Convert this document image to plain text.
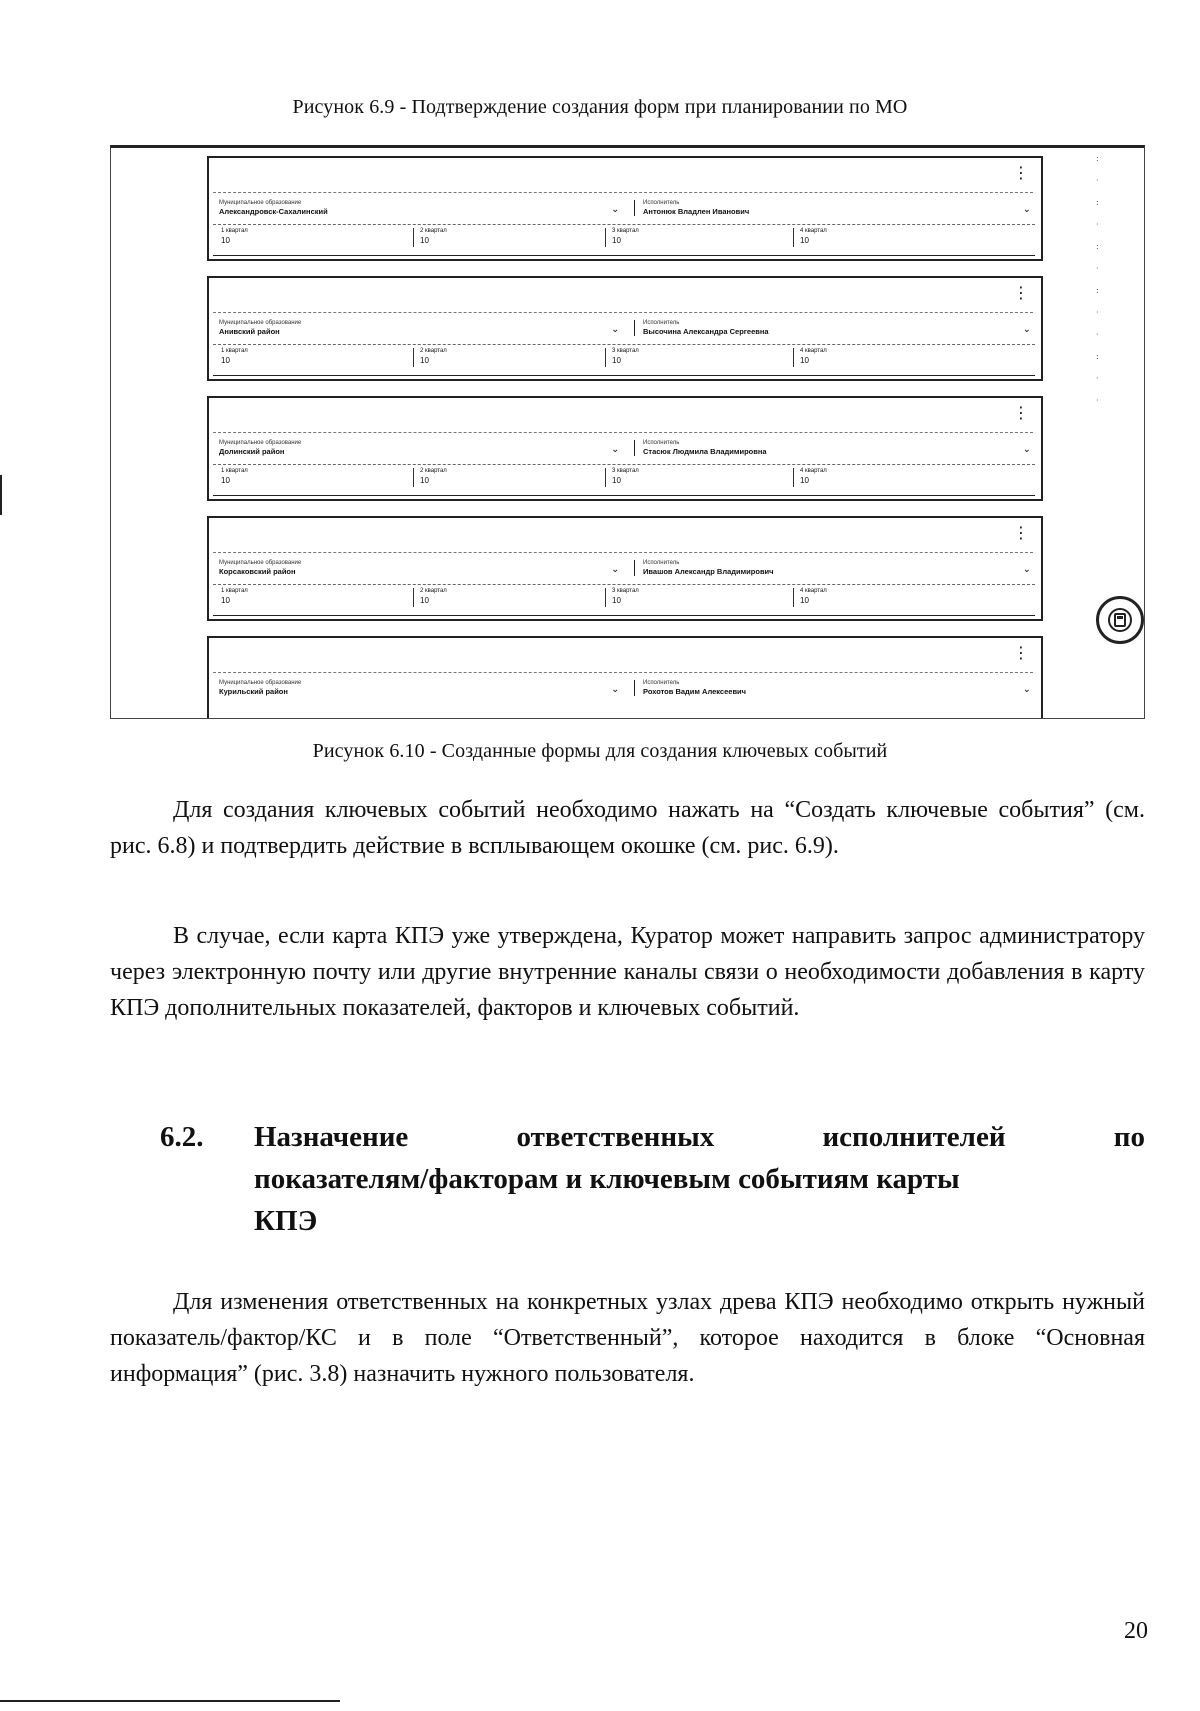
Рисунок 6.9 - Подтверждение создания форм при планировании по МО
⋮
Муниципальное образование
Александровск-Сахалинский	⌄
Исполнитель
Антонюк Владлен Иванович	⌄
1 квартал
10
2 квартал
10
3 квартал
10
4 квартал
10
⋮
Муниципальное образование
Анивский район	⌄
Исполнитель
Высочина Александра Сергеевна	⌄
1 квартал
10
2 квартал
10
3 квартал
10
4 квартал
10
⋮
Муниципальное образование
Долинский район	⌄
Исполнитель
Стасюк Людмила Владимировна	⌄
1 квартал
10
2 квартал
10
3 квартал
10
4 квартал
10
⋮
Муниципальное образование
Корсаковский район	⌄
Исполнитель
Ивашов Александр Владимирович	⌄
1 квартал
10
2 квартал
10
3 квартал
10
4 квартал
10
⋮
Муниципальное образование
Курильский район	⌄
Исполнитель
Рохотов Вадим Алексеевич	⌄
:
·
:
·
:
·
:
·
·
:
·
·
Рисунок 6.10 - Созданные формы для создания ключевых событий
Для создания ключевых событий необходимо нажать на “Создать ключевые события” (см. рис. 6.8) и подтвердить действие в всплывающем окошке (см. рис. 6.9).
В случае, если карта КПЭ уже утверждена, Куратор может направить запрос администратору через электронную почту или другие внутренние каналы связи о необходимости добавления в карту КПЭ дополнительных показателей, факторов и ключевых событий.
6.2. Назначение	ответственных	исполнителей	по
показателям/факторам и ключевым событиям карты
КПЭ
Для изменения ответственных на конкретных узлах древа КПЭ необходимо открыть нужный показатель/фактор/КС и в поле “Ответственный”, которое находится в блоке “Основная информация” (рис. 3.8) назначить нужного пользователя.
20
